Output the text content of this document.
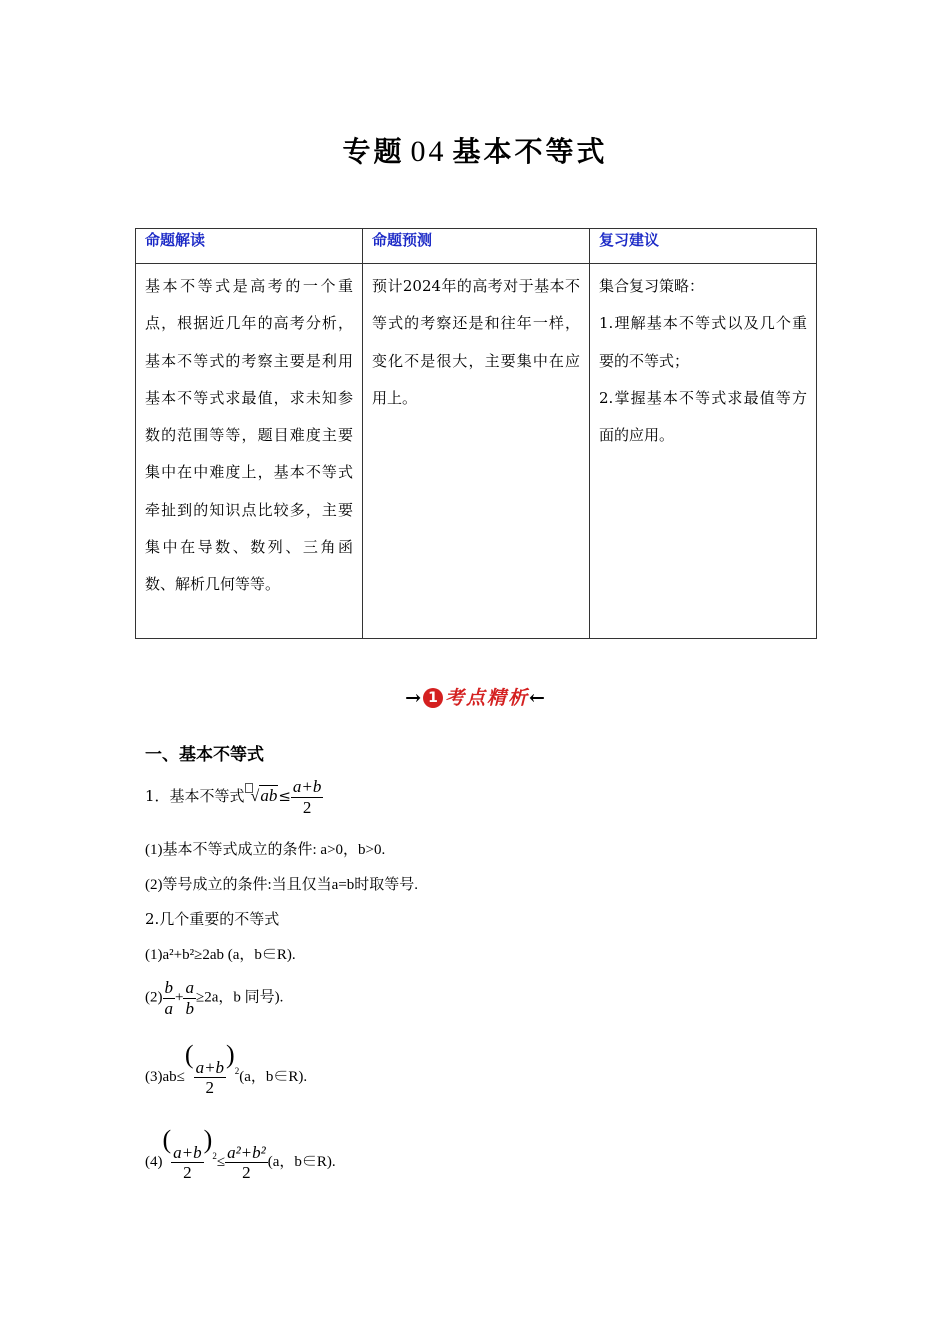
专题 04 基本不等式
命题解读	命题预测	复习建议
基本不等式是高考的一个重点，根据近几年的高考分析，基本不等式的考察主要是利用基本不等式求最值，求未知参数的范围等等，题目难度主要集中在中难度上，基本不等式牵扯到的知识点比较多，主要集中在导数、数列、三角函数、解析几何等等。	预计2024年的高考对于基本不等式的考察还是和往年一样，变化不是很大，主要集中在应用上。	集合复习策略：

1.理解基本不等式以及几个重要的不等式；

2.掌握基本不等式求最值等方面的应用。

→ 1 考点精析←
一、基本不等式
1．基本不等式 $√ab\le \frac{a+b}{2}$
(1)基本不等式成立的条件: a>0，b>0.
(2)等号成立的条件:当且仅当a=b时取等号.
2.几个重要的不等式
(1)a²+b²≥2ab (a，b∈R).
$(2) \frac{b}{a} + \frac{a}{b} \ge 2a$，b 同号).
(3)ab≤(
$\frac{a+b}{2}$
)$^2$(a，b∈R).
(4)(
$\frac{a+b}{2}$
)$^2\le \frac{\text{a²+b²}}{2} (a$，b∈R).
